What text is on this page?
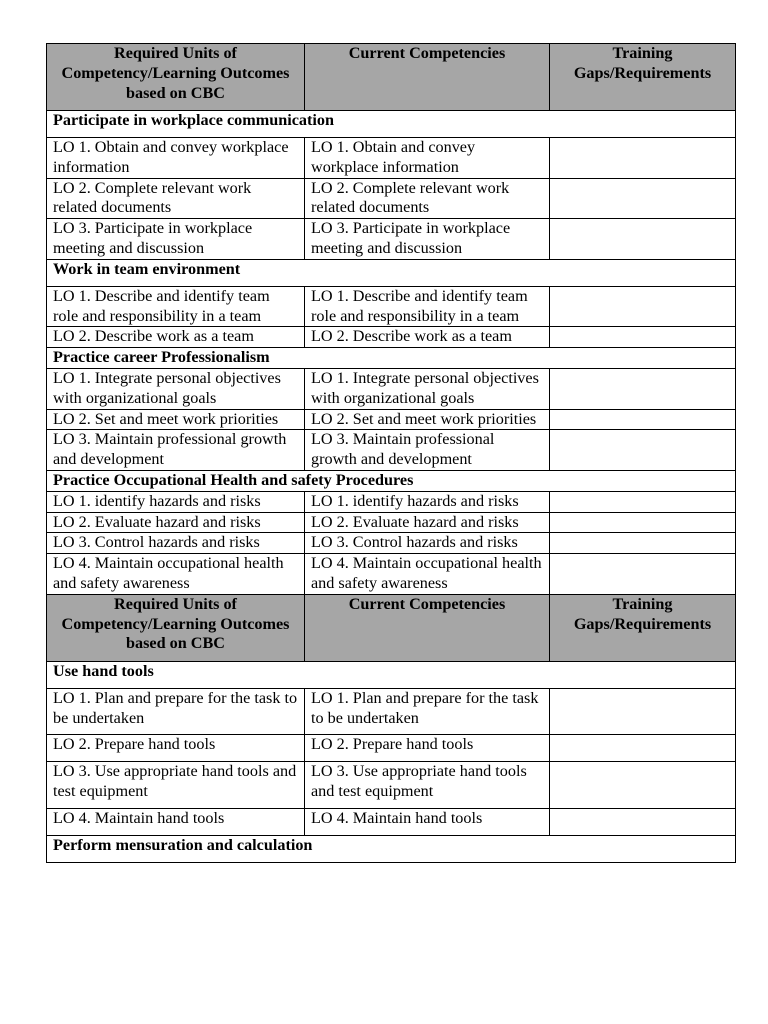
Required Units of Competency/Learning Outcomes based on CBC	Current Competencies	Training Gaps/Requirements
Participate in workplace communication		
LO 1. Obtain and convey workplace information	LO 1. Obtain and convey workplace information	
LO 2. Complete relevant work related documents	LO 2. Complete relevant work related documents	
LO 3. Participate in workplace meeting and discussion	LO 3. Participate in workplace meeting and discussion	
Work in team environment		
LO 1. Describe and identify team role and responsibility in a team	LO 1. Describe and identify team role and responsibility in a team	
LO 2. Describe work as a team	LO 2. Describe work as a team	
Practice career Professionalism		
LO 1. Integrate personal objectives with organizational goals	LO 1. Integrate personal objectives with organizational goals	
LO 2. Set and meet work priorities	LO 2. Set and meet work priorities	
LO 3. Maintain professional growth and development	LO 3. Maintain professional growth and development	
Practice Occupational Health and safety Procedures		
LO 1. identify hazards and risks	LO 1. identify hazards and risks	
LO 2. Evaluate hazard and risks	LO 2. Evaluate hazard and risks	
LO 3. Control hazards and risks	LO 3. Control hazards and risks	
LO 4. Maintain occupational health and safety awareness	LO 4. Maintain occupational health and safety awareness	
Required Units of Competency/Learning Outcomes based on CBC	Current Competencies	Training Gaps/Requirements
Use hand tools		
LO 1. Plan and prepare for the task to be undertaken	LO 1. Plan and prepare for the task to be undertaken	
LO 2. Prepare hand tools	LO 2. Prepare hand tools	
LO 3. Use appropriate hand tools and test equipment	LO 3. Use appropriate hand tools and test equipment	
LO 4. Maintain hand tools	LO 4. Maintain hand tools	
Perform mensuration and calculation		
